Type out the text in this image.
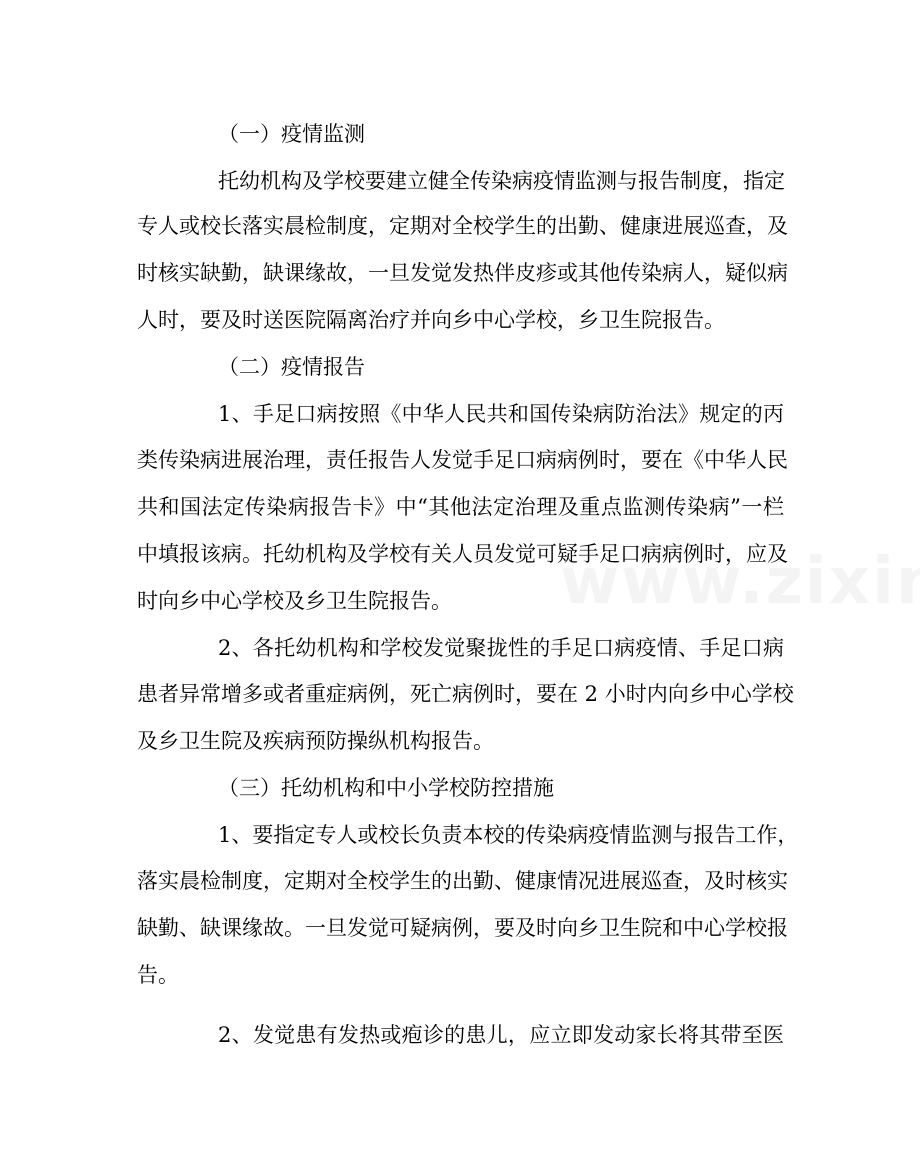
（一）疫情监测
托幼机构及学校要建立健全传染病疫情监测与报告制度，指定
专人或校长落实晨检制度，定期对全校学生的出勤、健康进展巡查，及
时核实缺勤，缺课缘故，一旦发觉发热伴皮疹或其他传染病人，疑似病
人时，要及时送医院隔离治疗并向乡中心学校，乡卫生院报告。
（二）疫情报告
1、手足口病按照《中华人民共和国传染病防治法》规定的丙
类传染病进展治理，责任报告人发觉手足口病病例时，要在《中华人民
共和国法定传染病报告卡》中“其他法定治理及重点监测传染病”一栏
中填报该病。托幼机构及学校有关人员发觉可疑手足口病病例时，应及
时向乡中心学校及乡卫生院报告。
2、各托幼机构和学校发觉聚拢性的手足口病疫情、手足口病
患者异常增多或者重症病例，死亡病例时，要在 2 小时内向乡中心学校
及乡卫生院及疾病预防操纵机构报告。
（三）托幼机构和中小学校防控措施
1、要指定专人或校长负责本校的传染病疫情监测与报告工作，
落实晨检制度，定期对全校学生的出勤、健康情况进展巡查，及时核实
缺勤、缺课缘故。一旦发觉可疑病例，要及时向乡卫生院和中心学校报
告。
2、发觉患有发热或疱诊的患儿，应立即发动家长将其带至医
